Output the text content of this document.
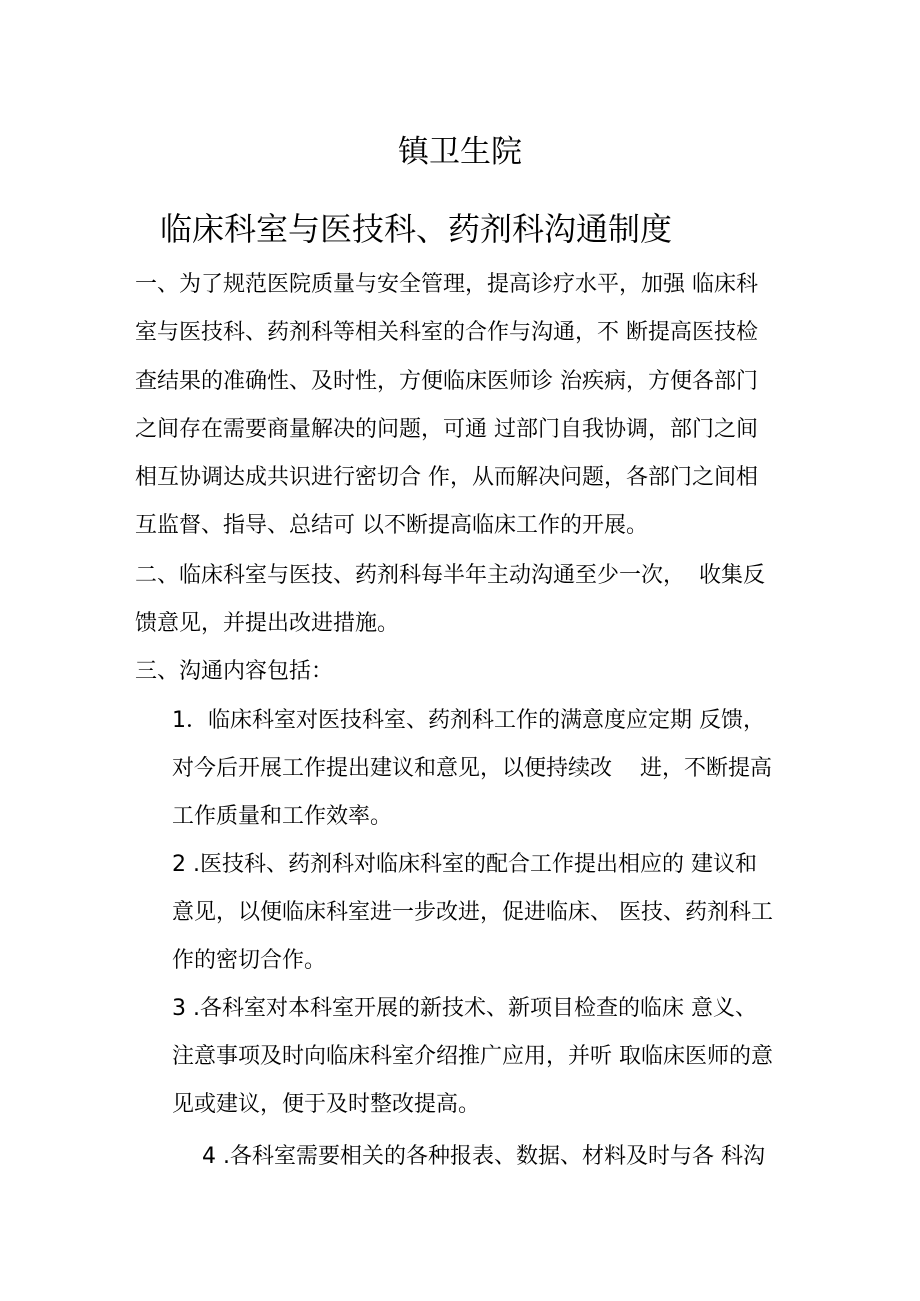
镇卫生院
临床科室与医技科、药剂科沟通制度

一、为了规范医院质量与安全管理，提高诊疗水平，加强 临床科

室与医技科、药剂科等相关科室的合作与沟通，不 断提高医技检

查结果的准确性、及时性，方便临床医师诊 治疾病，方便各部门

之间存在需要商量解决的问题，可通 过部门自我协调，部门之间

相互协调达成共识进行密切合 作，从而解决问题，各部门之间相

互监督、指导、总结可 以不断提高临床工作的开展。

二、临床科室与医技、药剂科每半年主动沟通至少一次，  收集反

馈意见，并提出改进措施。

三、沟通内容包括：

1．临床科室对医技科室、药剂科工作的满意度应定期 反馈，

对今后开展工作提出建议和意见，以便持续改    进，不断提高

工作质量和工作效率。

2 .医技科、药剂科对临床科室的配合工作提出相应的 建议和

意见，以便临床科室进一步改进，促进临床、 医技、药剂科工

作的密切合作。

3 .各科室对本科室开展的新技术、新项目检查的临床 意义、

注意事项及时向临床科室介绍推广应用，并听 取临床医师的意

见或建议，便于及时整改提高。

4 .各科室需要相关的各种报表、数据、材料及时与各 科沟
